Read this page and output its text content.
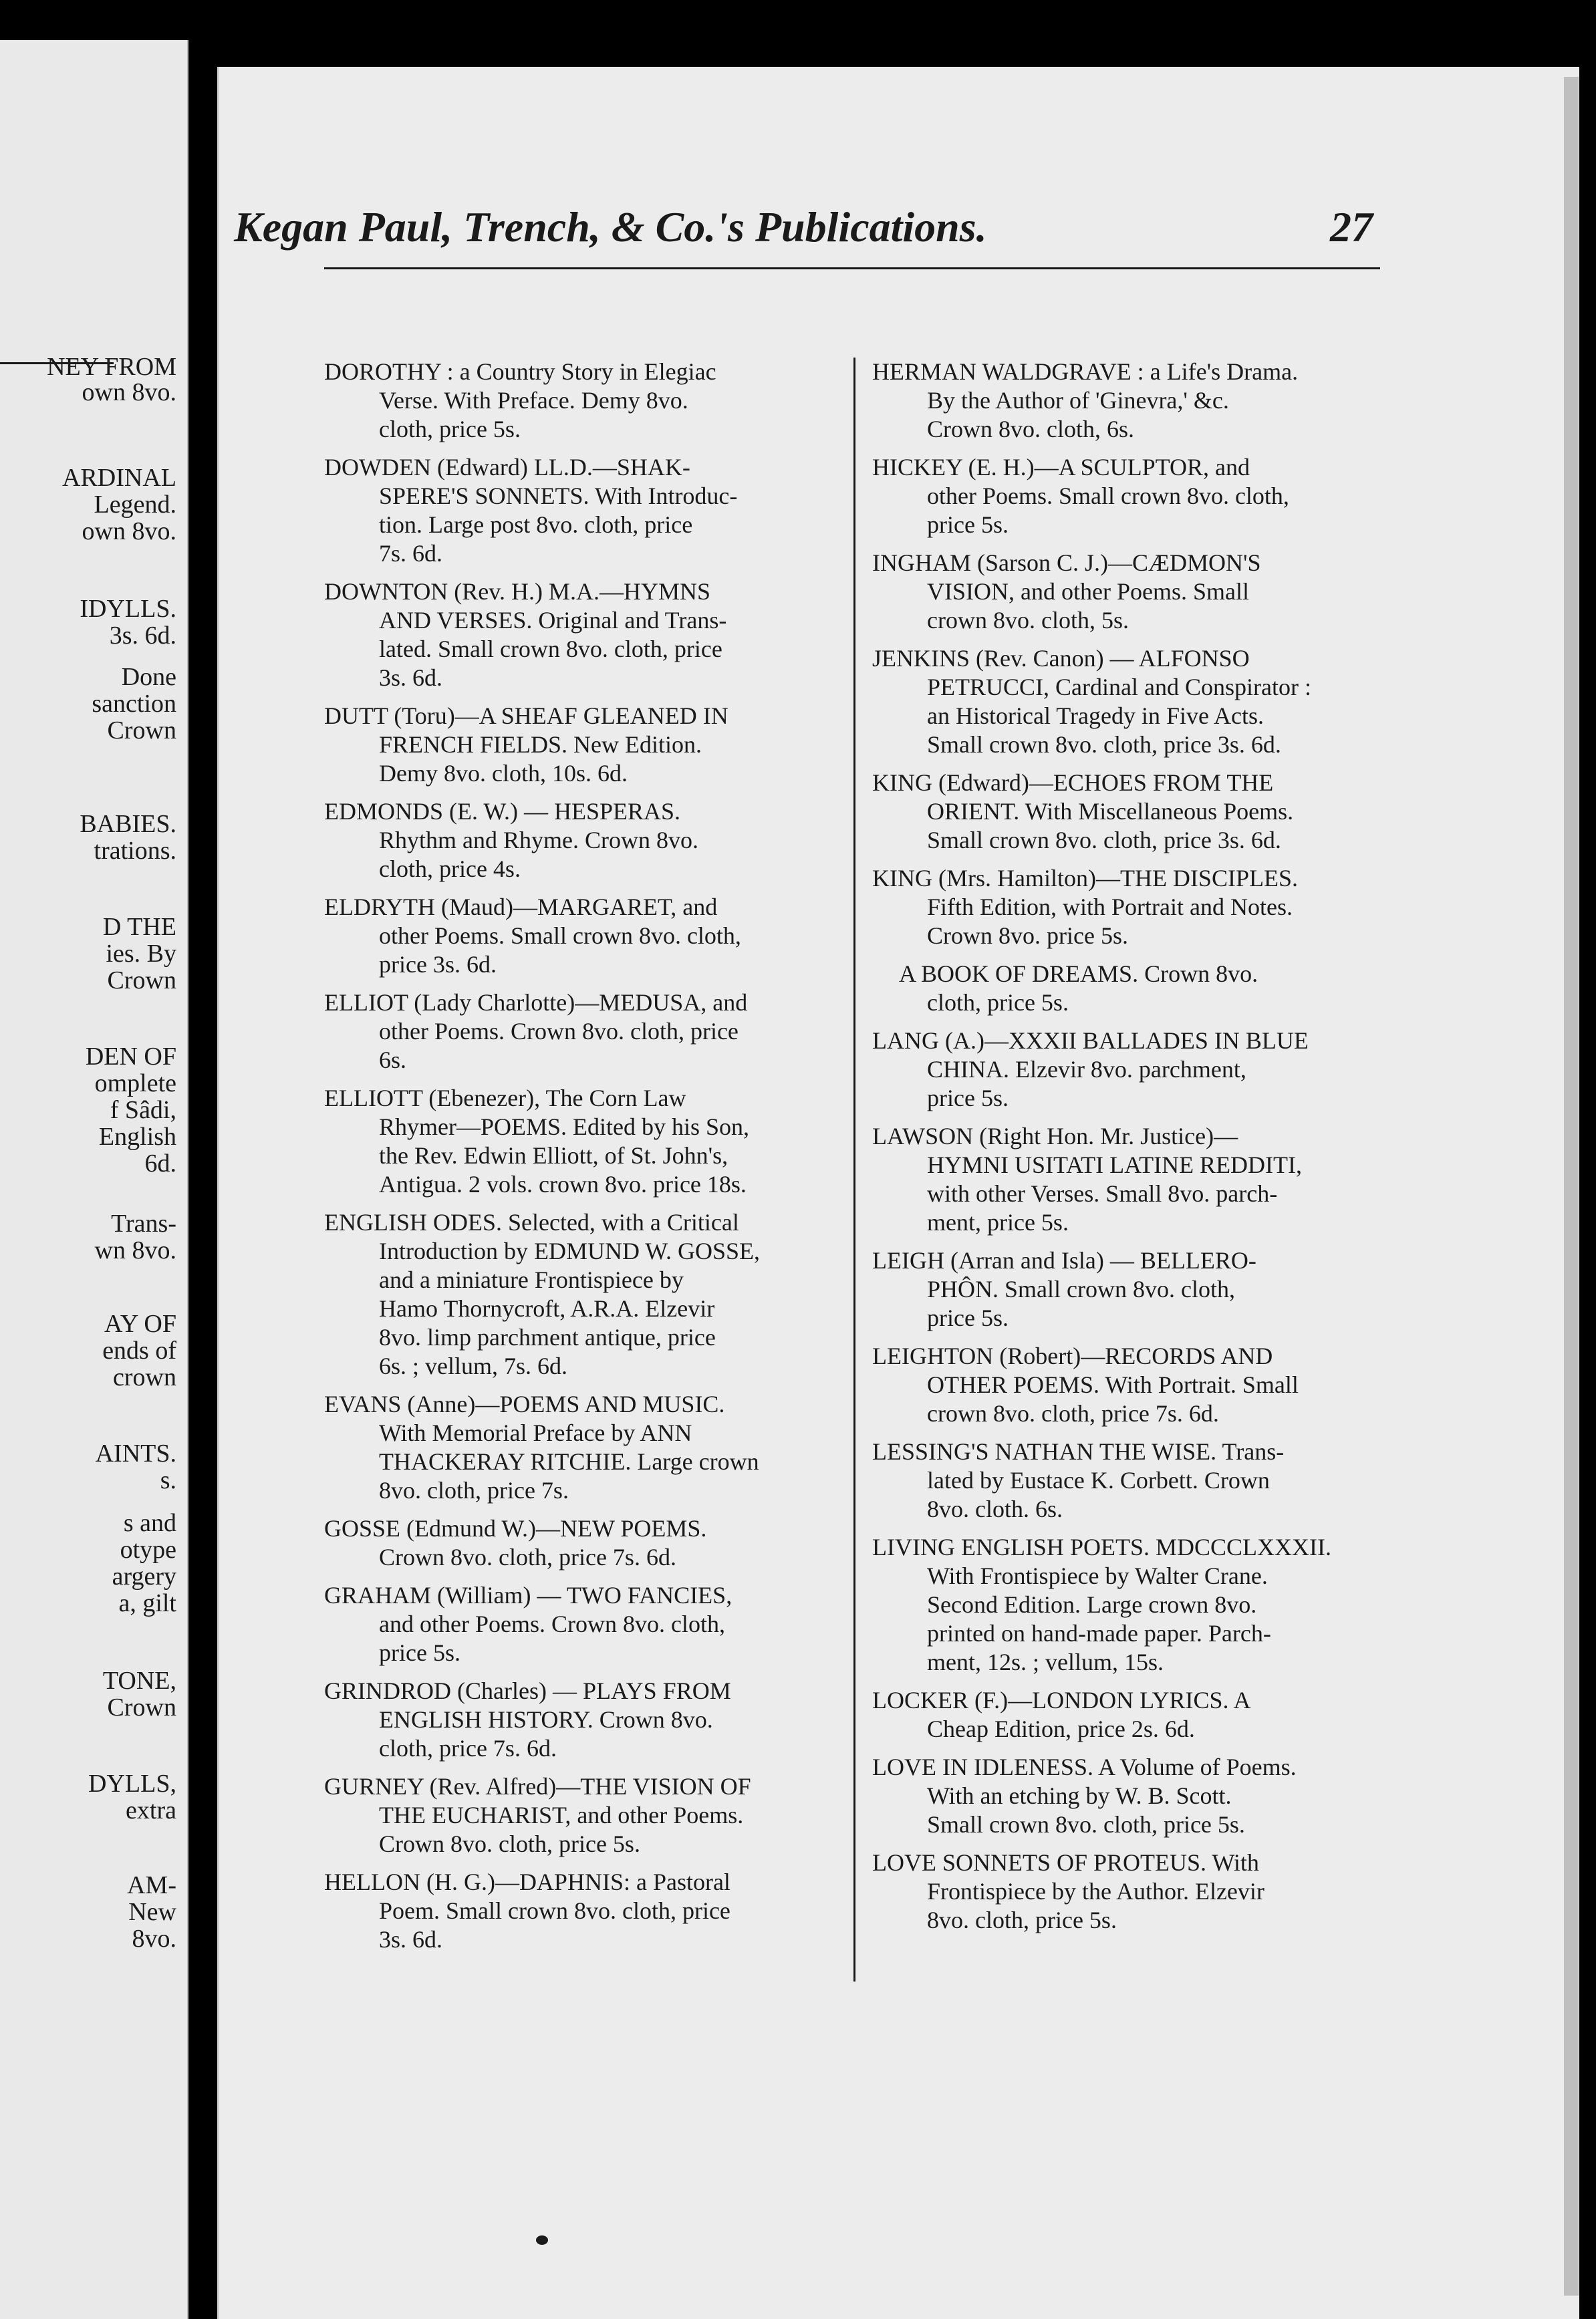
NEY FROM
own 8vo.
ARDINAL
Legend.
own 8vo.
IDYLLS.
3s. 6d.
Done
sanction
Crown
BABIES.
trations.
D THE
ies. By
Crown
DEN OF
omplete
f Sâdi,
English
6d.
Trans-
wn 8vo.
AY OF
ends of
crown
AINTS.
s.
s and
otype
argery
a, gilt
TONE,
Crown
DYLLS,
extra
AM-
New
8vo.
Kegan Paul, Trench, & Co.'s Publications.	27
DOROTHY : a Country Story in Elegiac
Verse. With Preface. Demy 8vo.
cloth, price 5s.
DOWDEN (Edward) LL.D.—SHAK-
SPERE'S SONNETS. With Introduc-
tion. Large post 8vo. cloth, price
7s. 6d.
DOWNTON (Rev. H.) M.A.—HYMNS
AND VERSES. Original and Trans-
lated. Small crown 8vo. cloth, price
3s. 6d.
DUTT (Toru)—A SHEAF GLEANED IN
FRENCH FIELDS. New Edition.
Demy 8vo. cloth, 10s. 6d.
EDMONDS (E. W.) — HESPERAS.
Rhythm and Rhyme. Crown 8vo.
cloth, price 4s.
ELDRYTH (Maud)—MARGARET, and
other Poems. Small crown 8vo. cloth,
price 3s. 6d.
ELLIOT (Lady Charlotte)—MEDUSA, and
other Poems. Crown 8vo. cloth, price
6s.
ELLIOTT (Ebenezer), The Corn Law
Rhymer—POEMS. Edited by his Son,
the Rev. Edwin Elliott, of St. John's,
Antigua. 2 vols. crown 8vo. price 18s.
ENGLISH ODES. Selected, with a Critical
Introduction by EDMUND W. GOSSE,
and a miniature Frontispiece by
Hamo Thornycroft, A.R.A. Elzevir
8vo. limp parchment antique, price
6s. ; vellum, 7s. 6d.
EVANS (Anne)—POEMS AND MUSIC.
With Memorial Preface by ANN
THACKERAY RITCHIE. Large crown
8vo. cloth, price 7s.
GOSSE (Edmund W.)—NEW POEMS.
Crown 8vo. cloth, price 7s. 6d.
GRAHAM (William) — TWO FANCIES,
and other Poems. Crown 8vo. cloth,
price 5s.
GRINDROD (Charles) — PLAYS FROM
ENGLISH HISTORY. Crown 8vo.
cloth, price 7s. 6d.
GURNEY (Rev. Alfred)—THE VISION OF
THE EUCHARIST, and other Poems.
Crown 8vo. cloth, price 5s.
HELLON (H. G.)—DAPHNIS: a Pastoral
Poem. Small crown 8vo. cloth, price
3s. 6d.
HERMAN WALDGRAVE : a Life's Drama.
By the Author of 'Ginevra,' &c.
Crown 8vo. cloth, 6s.
HICKEY (E. H.)—A SCULPTOR, and
other Poems. Small crown 8vo. cloth,
price 5s.
INGHAM (Sarson C. J.)—CÆDMON'S
VISION, and other Poems. Small
crown 8vo. cloth, 5s.
JENKINS (Rev. Canon) — ALFONSO
PETRUCCI, Cardinal and Conspirator :
an Historical Tragedy in Five Acts.
Small crown 8vo. cloth, price 3s. 6d.
KING (Edward)—ECHOES FROM THE
ORIENT. With Miscellaneous Poems.
Small crown 8vo. cloth, price 3s. 6d.
KING (Mrs. Hamilton)—THE DISCIPLES.
Fifth Edition, with Portrait and Notes.
Crown 8vo. price 5s.
A BOOK OF DREAMS. Crown 8vo.
cloth, price 5s.
LANG (A.)—XXXII BALLADES IN BLUE
CHINA. Elzevir 8vo. parchment,
price 5s.
LAWSON (Right Hon. Mr. Justice)—
HYMNI USITATI LATINE REDDITI,
with other Verses. Small 8vo. parch-
ment, price 5s.
LEIGH (Arran and Isla) — BELLERO-
PHÔN. Small crown 8vo. cloth,
price 5s.
LEIGHTON (Robert)—RECORDS AND
OTHER POEMS. With Portrait. Small
crown 8vo. cloth, price 7s. 6d.
LESSING'S NATHAN THE WISE. Trans-
lated by Eustace K. Corbett. Crown
8vo. cloth. 6s.
LIVING ENGLISH POETS. MDCCCLXXXII.
With Frontispiece by Walter Crane.
Second Edition. Large crown 8vo.
printed on hand-made paper. Parch-
ment, 12s. ; vellum, 15s.
LOCKER (F.)—LONDON LYRICS. A
Cheap Edition, price 2s. 6d.
LOVE IN IDLENESS. A Volume of Poems.
With an etching by W. B. Scott.
Small crown 8vo. cloth, price 5s.
LOVE SONNETS OF PROTEUS. With
Frontispiece by the Author. Elzevir
8vo. cloth, price 5s.
